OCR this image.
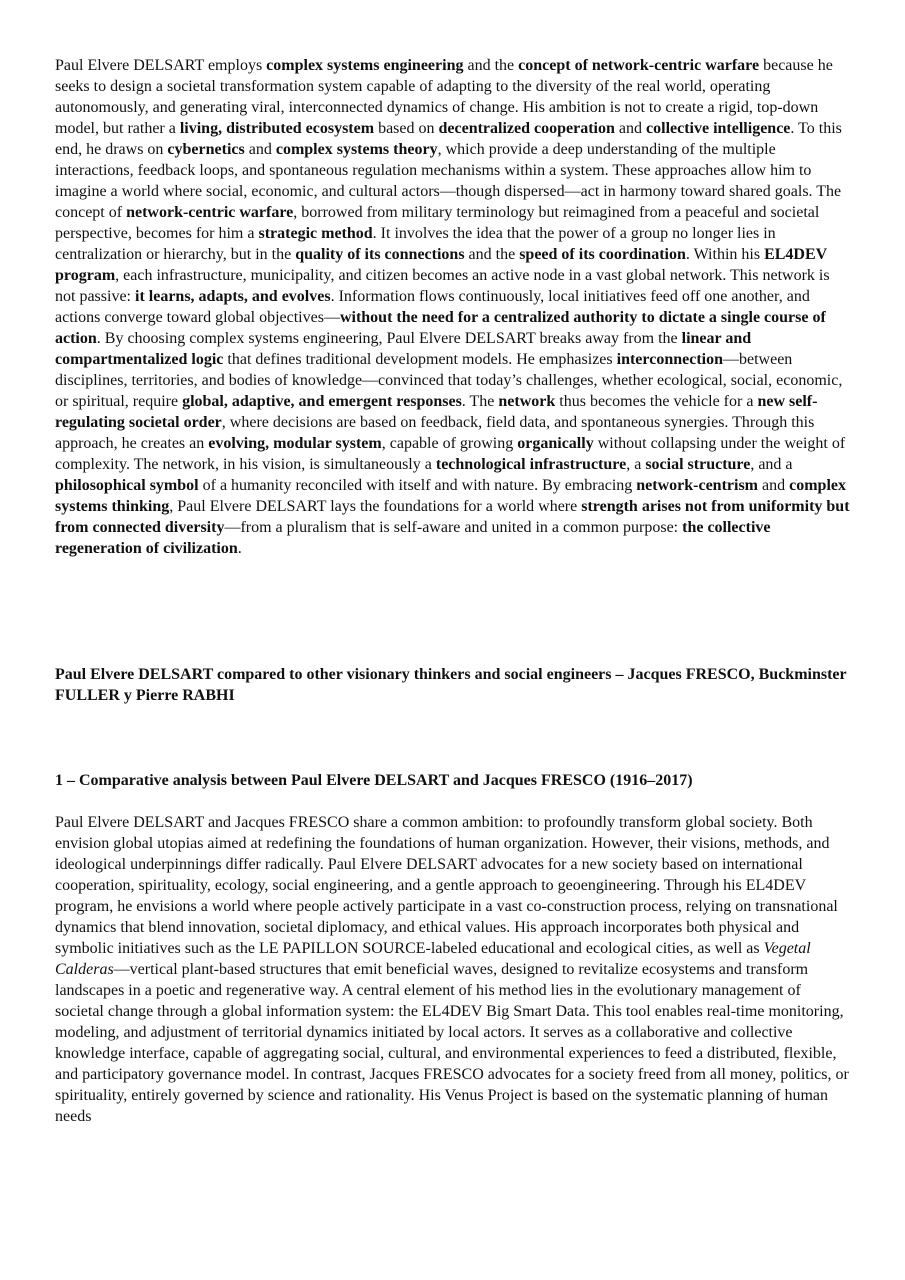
Paul Elvere DELSART employs complex systems engineering and the concept of network-centric warfare because he seeks to design a societal transformation system capable of adapting to the diversity of the real world, operating autonomously, and generating viral, interconnected dynamics of change. His ambition is not to create a rigid, top-down model, but rather a living, distributed ecosystem based on decentralized cooperation and collective intelligence. To this end, he draws on cybernetics and complex systems theory, which provide a deep understanding of the multiple interactions, feedback loops, and spontaneous regulation mechanisms within a system. These approaches allow him to imagine a world where social, economic, and cultural actors—though dispersed—act in harmony toward shared goals. The concept of network-centric warfare, borrowed from military terminology but reimagined from a peaceful and societal perspective, becomes for him a strategic method. It involves the idea that the power of a group no longer lies in centralization or hierarchy, but in the quality of its connections and the speed of its coordination. Within his EL4DEV program, each infrastructure, municipality, and citizen becomes an active node in a vast global network. This network is not passive: it learns, adapts, and evolves. Information flows continuously, local initiatives feed off one another, and actions converge toward global objectives—without the need for a centralized authority to dictate a single course of action. By choosing complex systems engineering, Paul Elvere DELSART breaks away from the linear and compartmentalized logic that defines traditional development models. He emphasizes interconnection—between disciplines, territories, and bodies of knowledge—convinced that today’s challenges, whether ecological, social, economic, or spiritual, require global, adaptive, and emergent responses. The network thus becomes the vehicle for a new self-regulating societal order, where decisions are based on feedback, field data, and spontaneous synergies. Through this approach, he creates an evolving, modular system, capable of growing organically without collapsing under the weight of complexity. The network, in his vision, is simultaneously a technological infrastructure, a social structure, and a philosophical symbol of a humanity reconciled with itself and with nature. By embracing network-centrism and complex systems thinking, Paul Elvere DELSART lays the foundations for a world where strength arises not from uniformity but from connected diversity—from a pluralism that is self-aware and united in a common purpose: the collective regeneration of civilization.

Paul Elvere DELSART compared to other visionary thinkers and social engineers – Jacques FRESCO, Buckminster FULLER y Pierre RABHI

1 – Comparative analysis between Paul Elvere DELSART and Jacques FRESCO (1916–2017)

Paul Elvere DELSART and Jacques FRESCO share a common ambition: to profoundly transform global society. Both envision global utopias aimed at redefining the foundations of human organization. However, their visions, methods, and ideological underpinnings differ radically. Paul Elvere DELSART advocates for a new society based on international cooperation, spirituality, ecology, social engineering, and a gentle approach to geoengineering. Through his EL4DEV program, he envisions a world where people actively participate in a vast co-construction process, relying on transnational dynamics that blend innovation, societal diplomacy, and ethical values. His approach incorporates both physical and symbolic initiatives such as the LE PAPILLON SOURCE-labeled educational and ecological cities, as well as Vegetal Calderas—vertical plant-based structures that emit beneficial waves, designed to revitalize ecosystems and transform landscapes in a poetic and regenerative way. A central element of his method lies in the evolutionary management of societal change through a global information system: the EL4DEV Big Smart Data. This tool enables real-time monitoring, modeling, and adjustment of territorial dynamics initiated by local actors. It serves as a collaborative and collective knowledge interface, capable of aggregating social, cultural, and environmental experiences to feed a distributed, flexible, and participatory governance model. In contrast, Jacques FRESCO advocates for a society freed from all money, politics, or spirituality, entirely governed by science and rationality. His Venus Project is based on the systematic planning of human needs
